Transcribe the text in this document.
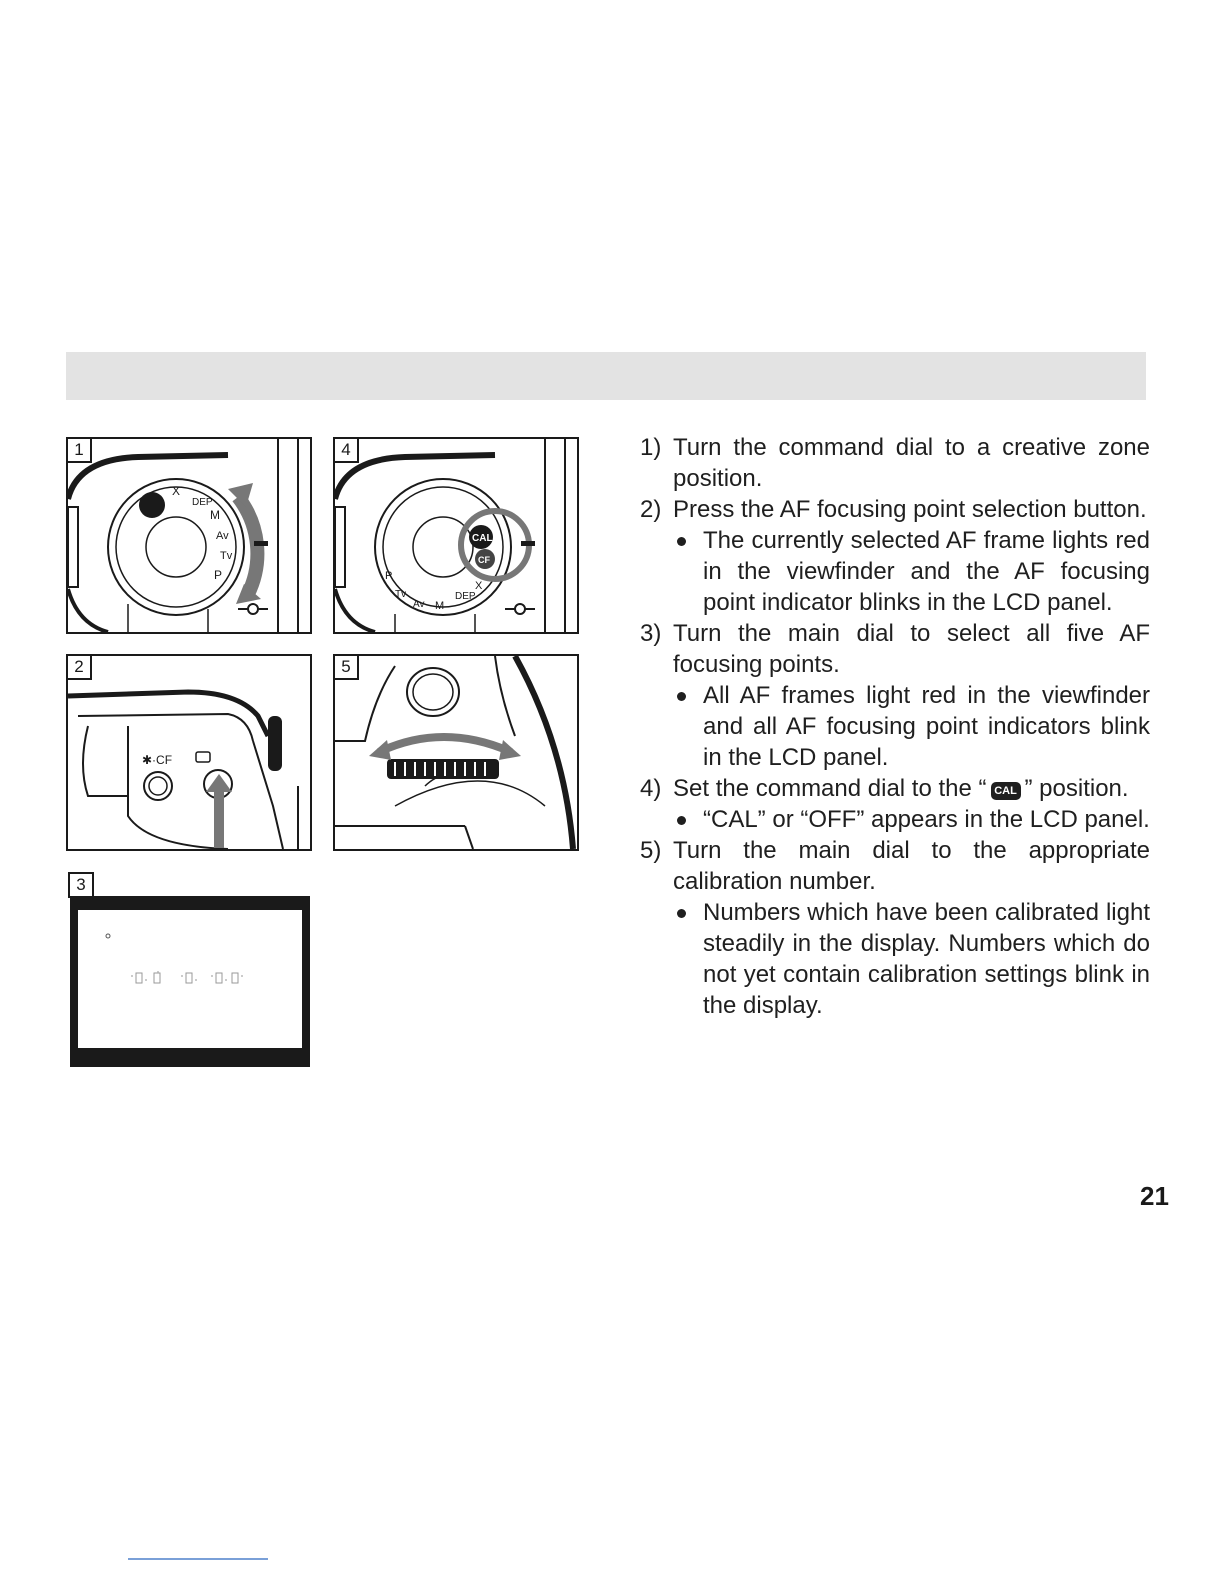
1
X
DEP
M
Av
Tv
P
4
CAL
CF
X
DEP
M
Av
Tv
P
2
✱·CF
5
3
1) Turn the command dial to a creative zone position.
2) Press the AF focusing point selection button.
The currently selected AF frame lights red in the viewfinder and the AF focusing point indicator blinks in the LCD panel.
3) Turn the main dial to select all five AF focusing points.
All AF frames light red in the viewfinder and all AF focusing point indicators blink in the LCD panel.
4) Set the command dial to the “ CAL ” position.
“CAL” or “OFF” appears in the LCD panel.
5) Turn the main dial to the appropriate calibration number.
Numbers which have been calibrated light steadily in the display. Numbers which do not yet contain calibration settings blink in the display.
21
